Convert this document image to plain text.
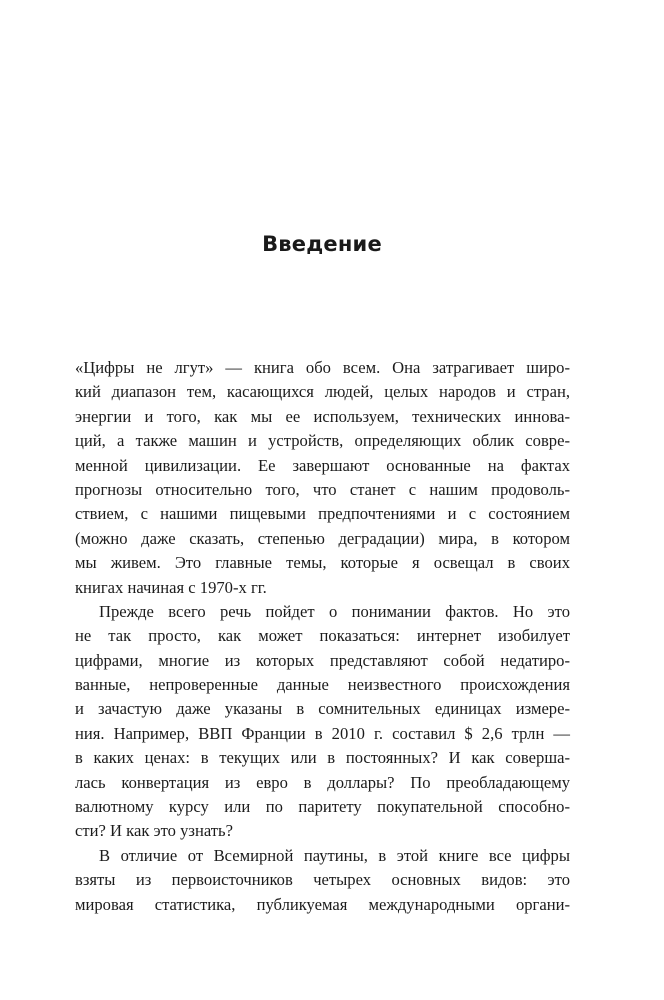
Введение
«Цифры не лгут» — книга обо всем. Она затрагивает широ-
кий диапазон тем, касающихся людей, целых народов и стран,
энергии и того, как мы ее используем, технических иннова-
ций, а также машин и устройств, определяющих облик совре-
менной цивилизации. Ее завершают основанные на фактах
прогнозы относительно того, что станет с нашим продоволь-
ствием, с нашими пищевыми предпочтениями и с состоянием
(можно даже сказать, степенью деградации) мира, в котором
мы живем. Это главные темы, которые я освещал в своих
книгах начиная с 1970-х гг.
Прежде всего речь пойдет о понимании фактов. Но это
не так просто, как может показаться: интернет изобилует
цифрами, многие из которых представляют собой недатиро-
ванные, непроверенные данные неизвестного происхождения
и зачастую даже указаны в сомнительных единицах измере-
ния. Например, ВВП Франции в 2010 г. составил $ 2,6 трлн —
в каких ценах: в текущих или в постоянных? И как соверша-
лась конвертация из евро в доллары? По преобладающему
валютному курсу или по паритету покупательной способно-
сти? И как это узнать?
В отличие от Всемирной паутины, в этой книге все цифры
взяты из первоисточников четырех основных видов: это
мировая статистика, публикуемая международными органи-
